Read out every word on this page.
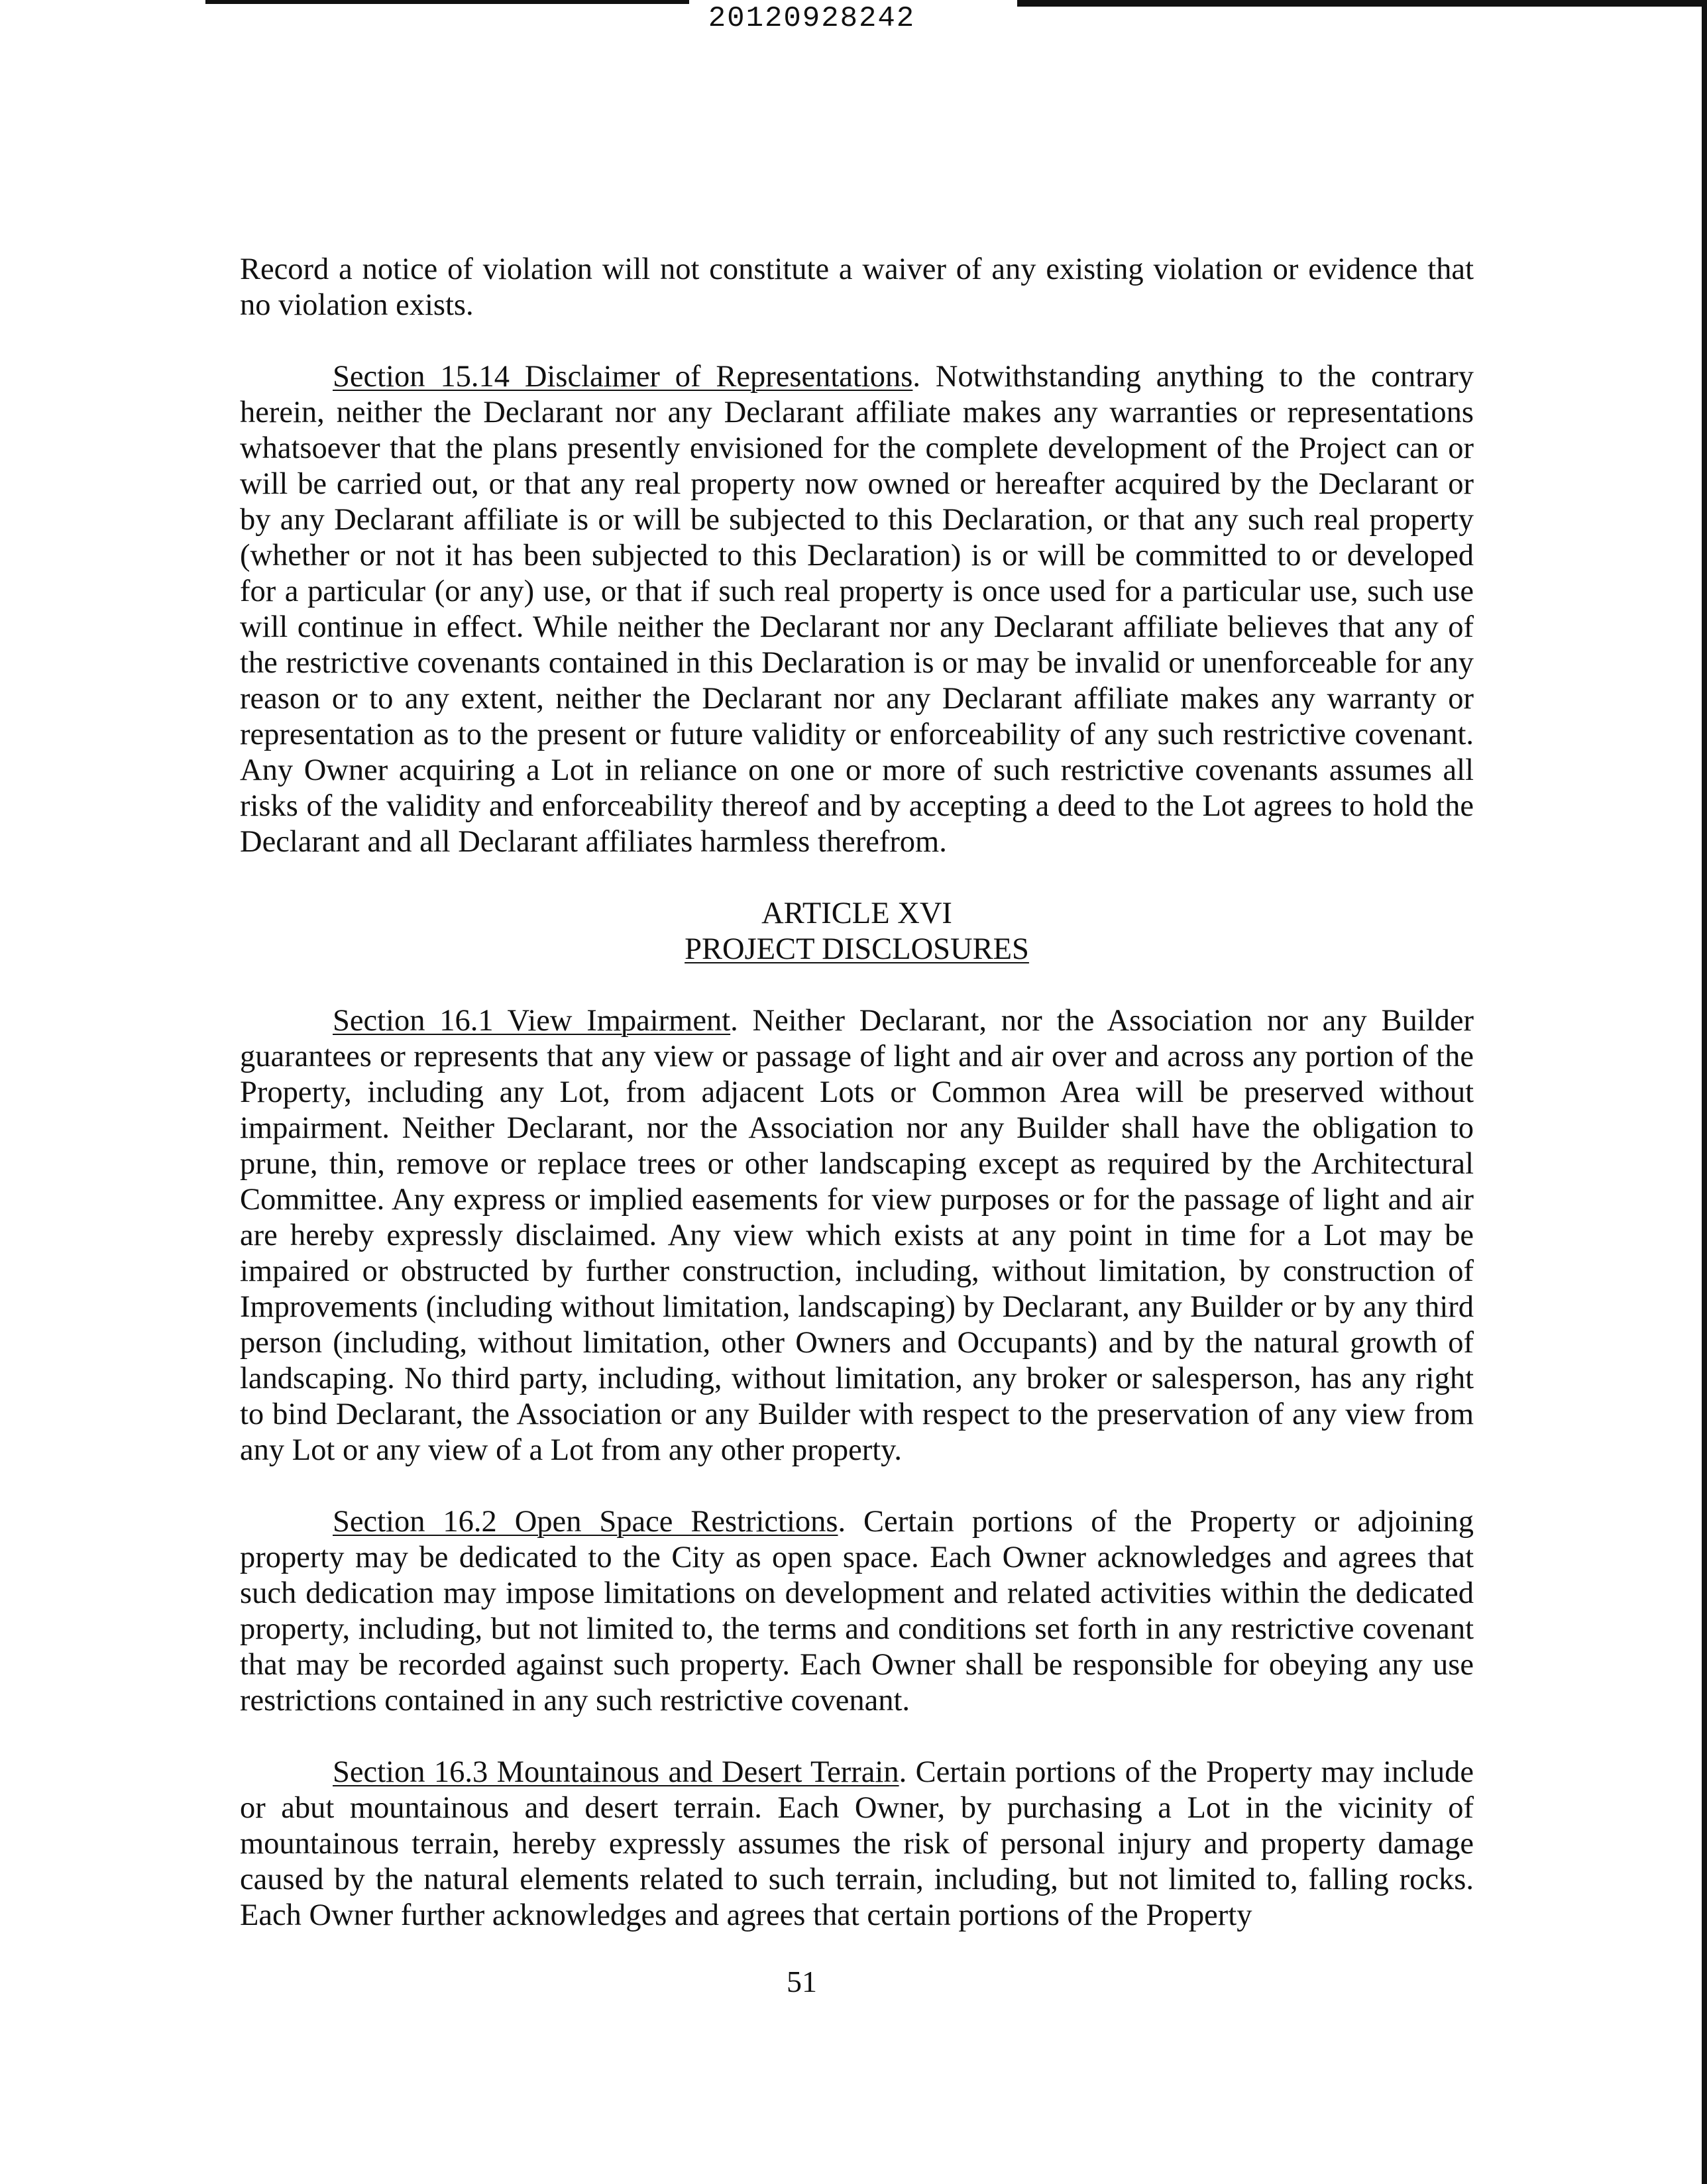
20120928242

Record a notice of violation will not constitute a waiver of any existing violation or evidence that no violation exists.

Section 15.14 Disclaimer of Representations. Notwithstanding anything to the contrary herein, neither the Declarant nor any Declarant affiliate makes any warranties or representations whatsoever that the plans presently envisioned for the complete development of the Project can or will be carried out, or that any real property now owned or hereafter acquired by the Declarant or by any Declarant affiliate is or will be subjected to this Declaration, or that any such real property (whether or not it has been subjected to this Declaration) is or will be committed to or developed for a particular (or any) use, or that if such real property is once used for a particular use, such use will continue in effect. While neither the Declarant nor any Declarant affiliate believes that any of the restrictive covenants contained in this Declaration is or may be invalid or unenforceable for any reason or to any extent, neither the Declarant nor any Declarant affiliate makes any warranty or representation as to the present or future validity or enforceability of any such restrictive covenant. Any Owner acquiring a Lot in reliance on one or more of such restrictive covenants assumes all risks of the validity and enforceability thereof and by accepting a deed to the Lot agrees to hold the Declarant and all Declarant affiliates harmless therefrom.

ARTICLE XVI

PROJECT DISCLOSURES

Section 16.1 View Impairment. Neither Declarant, nor the Association nor any Builder guarantees or represents that any view or passage of light and air over and across any portion of the Property, including any Lot, from adjacent Lots or Common Area will be preserved without impairment. Neither Declarant, nor the Association nor any Builder shall have the obligation to prune, thin, remove or replace trees or other landscaping except as required by the Architectural Committee. Any express or implied easements for view purposes or for the passage of light and air are hereby expressly disclaimed. Any view which exists at any point in time for a Lot may be impaired or obstructed by further construction, including, without limitation, by construction of Improvements (including without limitation, landscaping) by Declarant, any Builder or by any third person (including, without limitation, other Owners and Occupants) and by the natural growth of landscaping. No third party, including, without limitation, any broker or salesperson, has any right to bind Declarant, the Association or any Builder with respect to the preservation of any view from any Lot or any view of a Lot from any other property.

Section 16.2 Open Space Restrictions. Certain portions of the Property or adjoining property may be dedicated to the City as open space. Each Owner acknowledges and agrees that such dedication may impose limitations on development and related activities within the dedicated property, including, but not limited to, the terms and conditions set forth in any restrictive covenant that may be recorded against such property. Each Owner shall be responsible for obeying any use restrictions contained in any such restrictive covenant.

Section 16.3 Mountainous and Desert Terrain. Certain portions of the Property may include or abut mountainous and desert terrain. Each Owner, by purchasing a Lot in the vicinity of mountainous terrain, hereby expressly assumes the risk of personal injury and property damage caused by the natural elements related to such terrain, including, but not limited to, falling rocks. Each Owner further acknowledges and agrees that certain portions of the Property

51
